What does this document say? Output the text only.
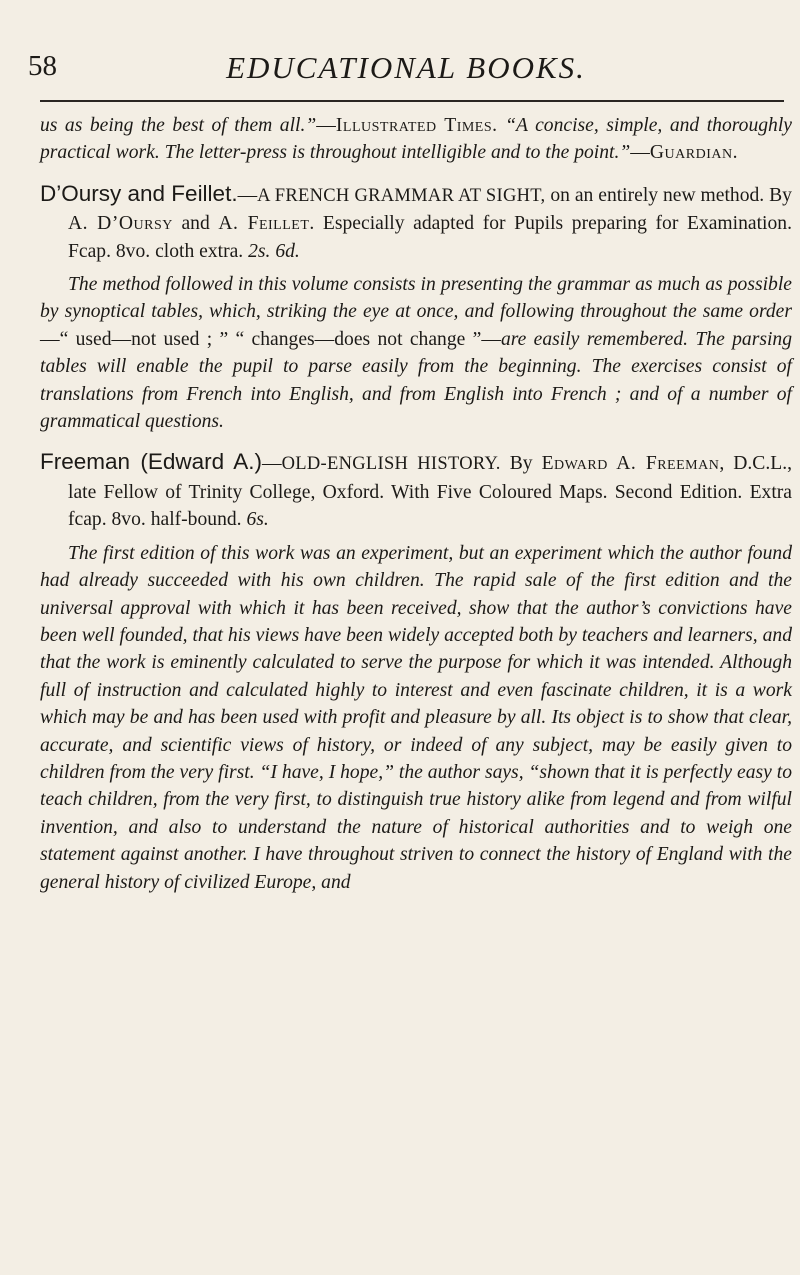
58	EDUCATIONAL BOOKS.

us as being the best of them all.”—Illustrated Times. “A concise, simple, and thoroughly practical work. The letter-press is throughout intelligible and to the point.”—Guardian.

D’Oursy and Feillet.—A FRENCH GRAMMAR AT SIGHT, on an entirely new method. By A. D’Oursy and A. Feillet. Especially adapted for Pupils preparing for Examination. Fcap. 8vo. cloth extra. 2s. 6d.

The method followed in this volume consists in presenting the grammar as much as possible by synoptical tables, which, striking the eye at once, and following throughout the same order—“ used—not used ; ” “ changes—does not change ”—are easily remembered. The parsing tables will enable the pupil to parse easily from the beginning. The exercises consist of translations from French into English, and from English into French ; and of a number of grammatical questions.

Freeman (Edward A.)—OLD-ENGLISH HISTORY. By Edward A. Freeman, D.C.L., late Fellow of Trinity College, Oxford. With Five Coloured Maps. Second Edition. Extra fcap. 8vo. half-bound. 6s.

The first edition of this work was an experiment, but an experiment which the author found had already succeeded with his own children. The rapid sale of the first edition and the universal approval with which it has been received, show that the author’s convictions have been well founded, that his views have been widely accepted both by teachers and learners, and that the work is eminently calculated to serve the purpose for which it was intended. Although full of instruction and calculated highly to interest and even fascinate children, it is a work which may be and has been used with profit and pleasure by all. Its object is to show that clear, accurate, and scientific views of history, or indeed of any subject, may be easily given to children from the very first. “I have, I hope,” the author says, “shown that it is perfectly easy to teach children, from the very first, to distinguish true history alike from legend and from wilful invention, and also to understand the nature of historical authorities and to weigh one statement against another. I have throughout striven to connect the history of England with the general history of civilized Europe, and
